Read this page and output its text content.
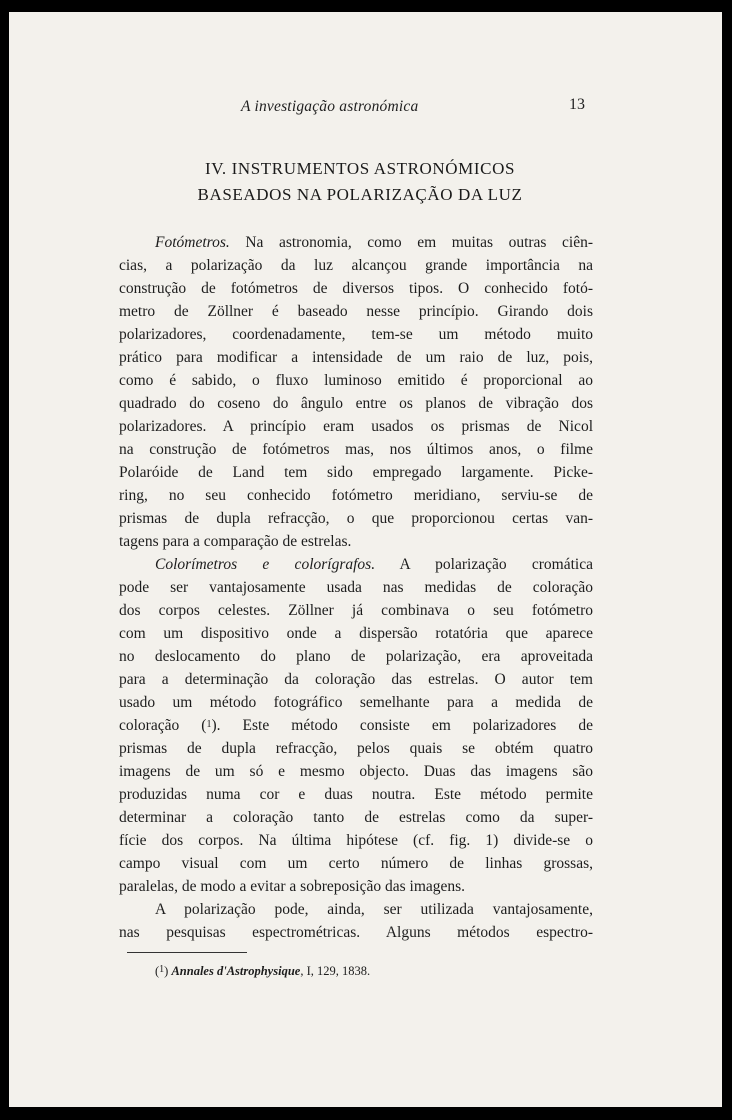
A investigação astronómica	13
IV. INSTRUMENTOS ASTRONÓMICOS
BASEADOS NA POLARIZAÇÃO DA LUZ
Fotómetros. Na astronomia, como em muitas outras ciên-
cias, a polarização da luz alcançou grande importância na
construção de fotómetros de diversos tipos. O conhecido fotó-
metro de Zöllner é baseado nesse princípio. Girando dois
polarizadores, coordenadamente, tem-se um método muito
prático para modificar a intensidade de um raio de luz, pois,
como é sabido, o fluxo luminoso emitido é proporcional ao
quadrado do coseno do ângulo entre os planos de vibração dos
polarizadores. A princípio eram usados os prismas de Nicol
na construção de fotómetros mas, nos últimos anos, o filme
Polaróide de Land tem sido empregado largamente. Picke-
ring, no seu conhecido fotómetro meridiano, serviu-se de
prismas de dupla refracção, o que proporcionou certas van-
tagens para a comparação de estrelas.
Colorímetros e colorígrafos. A polarização cromática
pode ser vantajosamente usada nas medidas de coloração
dos corpos celestes. Zöllner já combinava o seu fotómetro
com um dispositivo onde a dispersão rotatória que aparece
no deslocamento do plano de polarização, era aproveitada
para a determinação da coloração das estrelas. O autor tem
usado um método fotográfico semelhante para a medida de
coloração ($^1$). Este método consiste em polarizadores de
prismas de dupla refracção, pelos quais se obtém quatro
imagens de um só e mesmo objecto. Duas das imagens são
produzidas numa cor e duas noutra. Este método permite
determinar a coloração tanto de estrelas como da super-
fície dos corpos. Na última hipótese (cf. fig. 1) divide-se o
campo visual com um certo número de linhas grossas,
paralelas, de modo a evitar a sobreposição das imagens.
A polarização pode, ainda, ser utilizada vantajosamente,
nas pesquisas espectrométricas. Alguns métodos espectro-
($^1$) Annales d'Astrophysique, I, 129, 1838.
